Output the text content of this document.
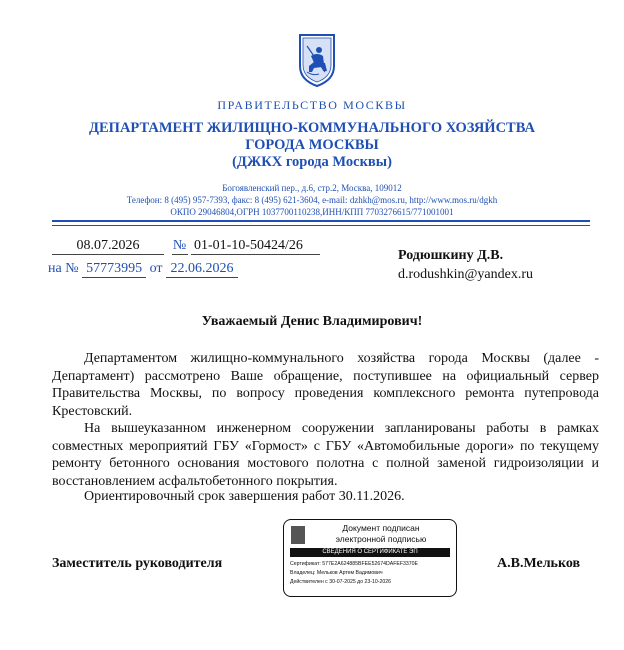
ПРАВИТЕЛЬСТВО МОСКВЫ
ДЕПАРТАМЕНТ ЖИЛИЩНО-КОММУНАЛЬНОГО ХОЗЯЙСТВА
ГОРОДА МОСКВЫ
(ДЖКХ города Москвы)
Богоявленский пер., д.6, стр.2, Москва, 109012
Телефон: 8 (495) 957-7393, факс: 8 (495) 621-3604, e-mail: dzhkh@mos.ru, http://www.mos.ru/dgkh
ОКПО 29046804,ОГРН 1037700110238,ИНН/КПП 7703276615/771001001
08.07.2026 № 01-01-10-50424/26
на № 57773995 от 22.06.2026
Родюшкину Д.В.
d.rodushkin@yandex.ru
Уважаемый Денис Владимирович!
Департаментом жилищно-коммунального хозяйства города Москвы (далее - Департамент) рассмотрено Ваше обращение, поступившее на официальный сервер Правительства Москвы, по вопросу проведения комплексного ремонта путепровода Крестовский.
На вышеуказанном инженерном сооружении запланированы работы в рамках совместных мероприятий ГБУ «Гормост» с ГБУ «Автомобильные дороги» по текущему ремонту бетонного основания мостового полотна с полной заменой гидроизоляции и восстановлением асфальтобетонного покрытия.
Ориентировочный срок завершения работ 30.11.2026.
Заместитель руководителя	А.В.Мельков
Документ подписан
электронной подписью
СВЕДЕНИЯ О СЕРТИФИКАТЕ ЭП
Сертификат: 577E2A624885BFEE52674DAFEF3370E
Владелец: Мельков Артем Вадимович
Действителен с 30-07-2025 до 23-10-2026
